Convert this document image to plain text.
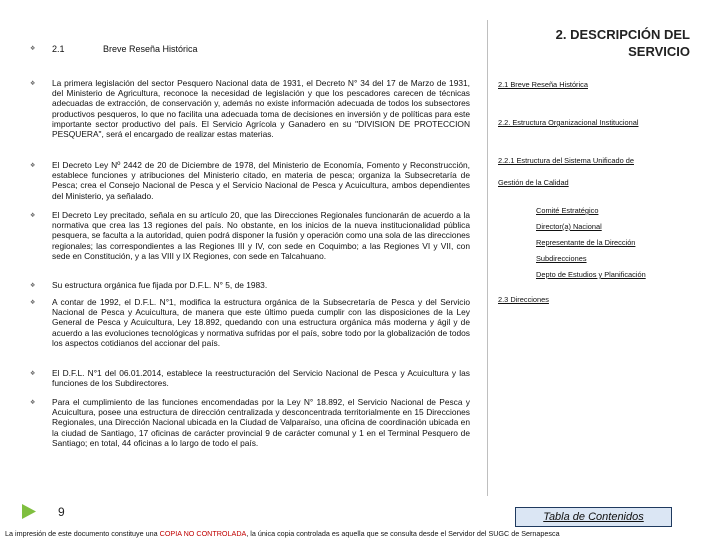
❖ 2.1	Breve Reseña Histórica
❖ La primera legislación del sector Pesquero Nacional data de 1931, el Decreto N° 34 del 17 de Marzo de 1931, del Ministerio de Agricultura, reconoce la necesidad de legislación y que los pescadores carecen de técnicas adecuadas de extracción, de conservación y, además no existe información adecuada de todos los subsectores productivos pesqueros, lo que no facilita una adecuada toma de decisiones en inversión y de políticas para este importante sector productivo del país. El Servicio Agrícola y Ganadero en su "DIVISION DE PROTECCION PESQUERA", será el encargado de realizar estas materias.
❖ El Decreto Ley Nº 2442 de 20 de Diciembre de 1978, del Ministerio de Economía, Fomento y Reconstrucción, establece funciones y atribuciones del Ministerio citado, en materia de pesca; organiza la Subsecretaría de Pesca; crea el Consejo Nacional de Pesca y el Servicio Nacional de Pesca y Acuicultura, ambos dependientes del Ministerio, ya señalado.
❖ El Decreto Ley precitado, señala en su artículo 20, que las Direcciones Regionales funcionarán de acuerdo a la normativa que crea las 13 regiones del país. No obstante, en los inicios de la nueva institucionalidad pública pesquera, se faculta a la autoridad, quien podrá disponer la fusión y operación como una sola de las direcciones regionales; las correspondientes a las Regiones III y IV, con sede en Coquimbo; a las Regiones VI y VII, con sede en Constitución, y a las VIII y IX Regiones, con sede en Talcahuano.
❖ Su estructura orgánica fue fijada por D.F.L. N° 5, de 1983.
❖ A contar de 1992, el D.F.L. N°1, modifica la estructura orgánica de la Subsecretaría de Pesca y del Servicio Nacional de Pesca y Acuicultura, de manera que este último pueda cumplir con las disposiciones de la Ley General de Pesca y Acuicultura, Ley 18.892, quedando con una estructura orgánica más moderna y ágil y de acuerdo a las evoluciones tecnológicas y normativa sufridas por el país, sobre todo por la globalización de todos los aspectos cotidianos del accionar del país.
❖ El D.F.L. N°1 del 06.01.2014, establece la reestructuración del Servicio Nacional de Pesca y Acuicultura y las funciones de los Subdirectores.
❖ Para el cumplimiento de las funciones encomendadas por la Ley N° 18.892, el Servicio Nacional de Pesca y Acuicultura, posee una estructura de dirección centralizada y desconcentrada territorialmente en 15 Direcciones Regionales, una Dirección Nacional ubicada en la Ciudad de Valparaíso, una oficina de coordinación ubicada en la ciudad de Santiago, 17 oficinas de carácter provincial 9 de carácter comunal y 1 en el Terminal Pesquero de Santiago; en total, 44 oficinas a lo largo de todo el país.
2. DESCRIPCIÓN DEL
SERVICIO
2.1 Breve Reseña Histórica
2.2. Estructura Organizacional Institucional
2.2.1 Estructura del Sistema Unificado de
Gestión de la Calidad
Comité Estratégico
Director(a) Nacional
Representante de la Dirección
Subdirecciones
Depto de Estudios y Planificación
2.3 Direcciones
9	Tabla de Contenidos
La impresión de este documento constituye una COPIA NO CONTROLADA, la única copia controlada es aquella que se consulta desde el Servidor del SUGC de Sernapesca
